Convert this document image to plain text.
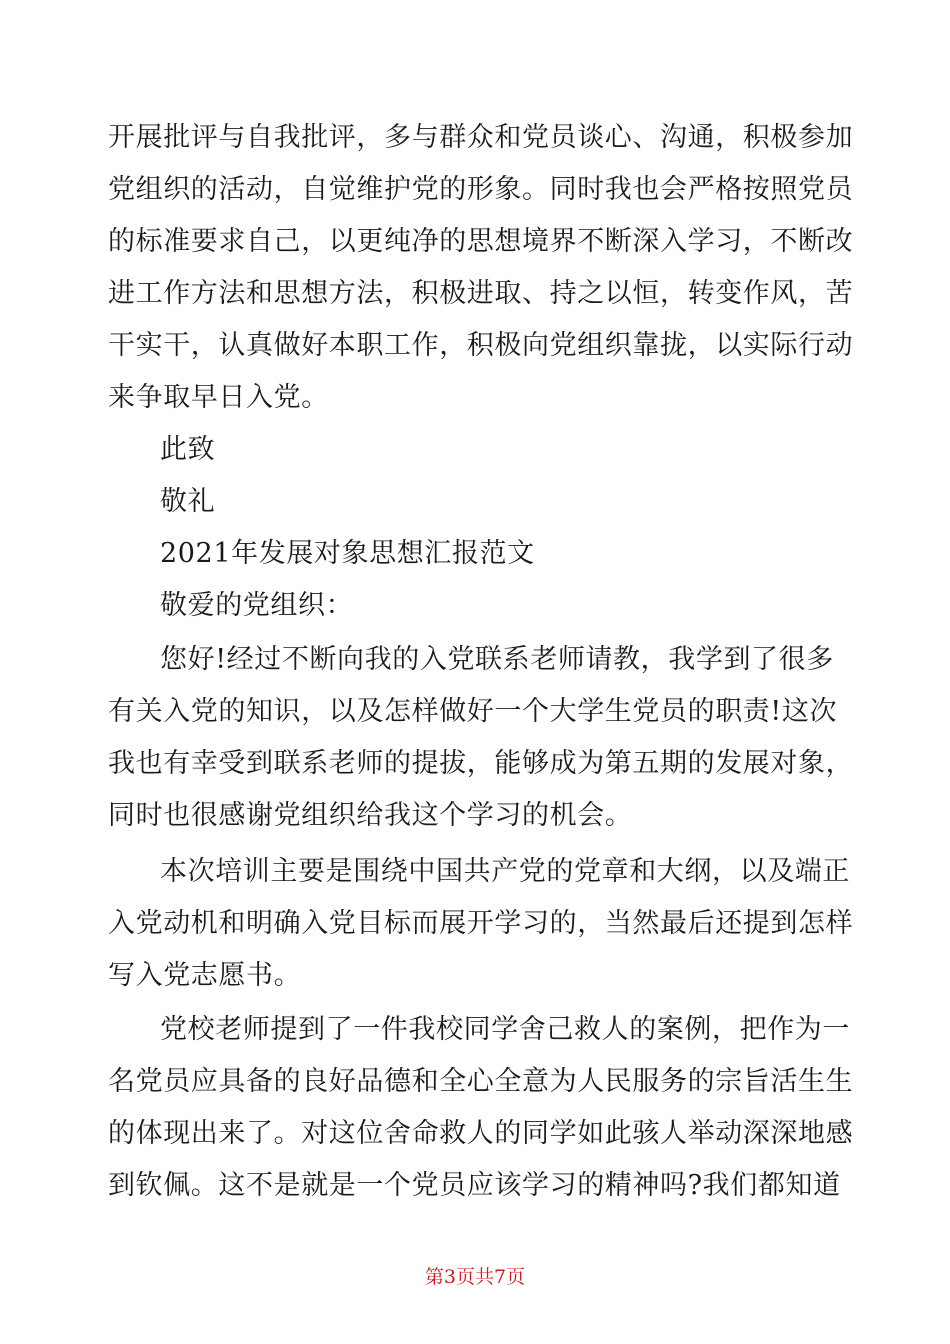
开展批评与自我批评，多与群众和党员谈心、沟通，积极参加
党组织的活动，自觉维护党的形象。同时我也会严格按照党员
的标准要求自己，以更纯净的思想境界不断深入学习，不断改
进工作方法和思想方法，积极进取、持之以恒，转变作风，苦
干实干，认真做好本职工作，积极向党组织靠拢，以实际行动
来争取早日入党。
此致
敬礼
2021年发展对象思想汇报范文
敬爱的党组织：
您好!经过不断向我的入党联系老师请教，我学到了很多
有关入党的知识，以及怎样做好一个大学生党员的职责!这次
我也有幸受到联系老师的提拔，能够成为第五期的发展对象，
同时也很感谢党组织给我这个学习的机会。
本次培训主要是围绕中国共产党的党章和大纲，以及端正
入党动机和明确入党目标而展开学习的，当然最后还提到怎样
写入党志愿书。
党校老师提到了一件我校同学舍己救人的案例，把作为一
名党员应具备的良好品德和全心全意为人民服务的宗旨活生生
的体现出来了。对这位舍命救人的同学如此骇人举动深深地感
到钦佩。这不是就是一个党员应该学习的精神吗?我们都知道
第3页共7页
